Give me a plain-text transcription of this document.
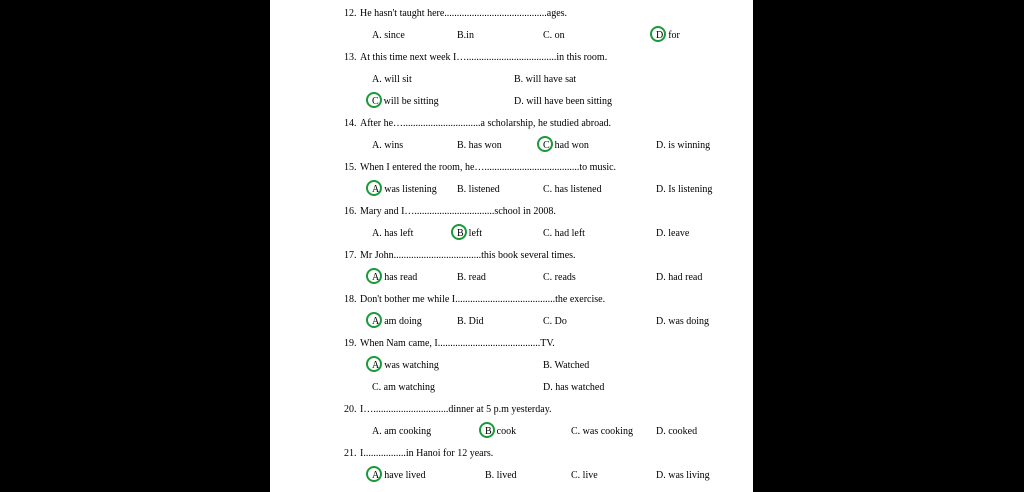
12. He hasn't taught here.........................................ages.
A. since	B.in	C. on	D. for
13. At this time next week I…....................................in this room.
A. will sit	B. will have sat
C. will be sitting	D. will have been sitting
14. After he…...............................a scholarship, he studied abroad.
A. wins	B. has won	C. had won	D. is winning
15. When I entered the room, he…......................................to music.
A. was listening B. listened	C. has listened	D. Is listening
16. Mary and I…................................school in 2008.
A. has left	B. left	C. had left	D. leave
17. Mr John...................................this book several times.
A. has read	B. read	C. reads	D. had read
18. Don't bother me while I........................................the exercise.
A. am doing	B. Did	C. Do	D. was doing
19. When Nam came, I.........................................TV.
A. was watching	B. Watched
C. am watching	D. has watched
20. I…..............................dinner at 5 p.m yesterday.
A. am cooking	B. cook	C. was cooking D. cooked
21. I.................in Hanoi for 12 years.
A. have lived	B. lived	C. live	D. was living
